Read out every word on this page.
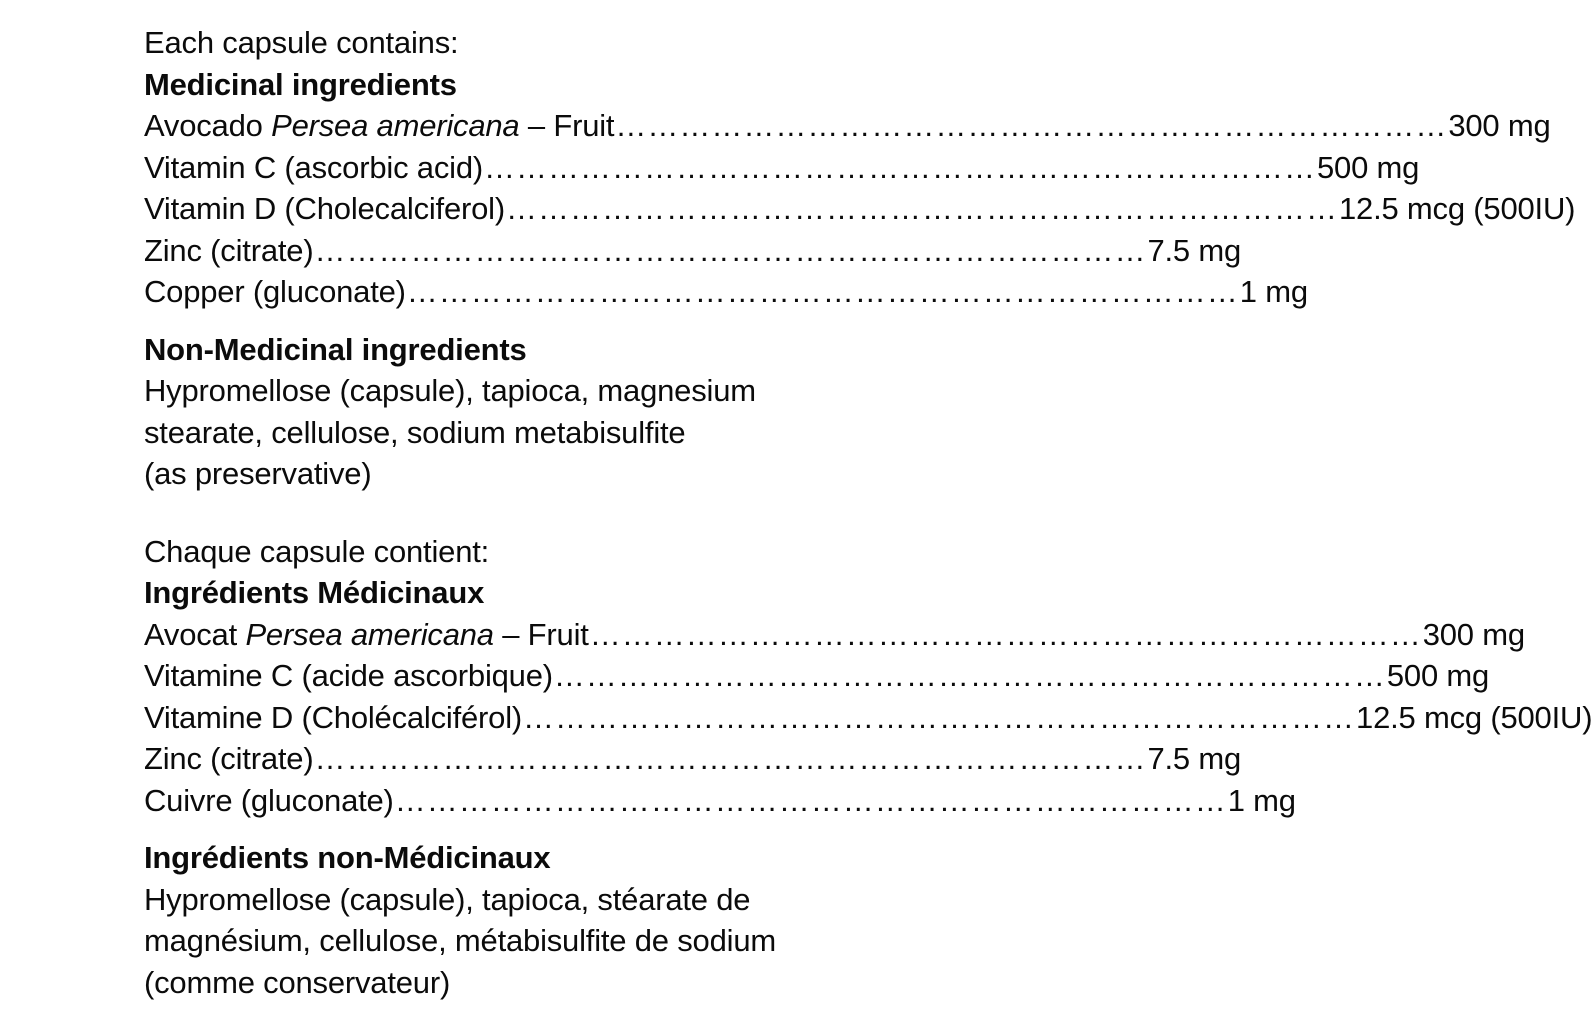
Each capsule contains:
Medicinal ingredients
Avocado Persea americana – Fruit …………………………………………………………………… 300 mg
Vitamin C (ascorbic acid) …………………………………………………………………… 500 mg
Vitamin D (Cholecalciferol) …………………………………………………………………… 12.5 mcg (500IU)
Zinc (citrate) …………………………………………………………………… 7.5 mg
Copper (gluconate) …………………………………………………………………… 1 mg
Non-Medicinal ingredients
Hypromellose (capsule), tapioca, magnesium
stearate, cellulose, sodium metabisulfite
(as preservative)
Chaque capsule contient:
Ingrédients Médicinaux
Avocat Persea americana – Fruit …………………………………………………………………… 300 mg
Vitamine C (acide ascorbique) …………………………………………………………………… 500 mg
Vitamine D (Cholécalciférol) …………………………………………………………………… 12.5 mcg (500IU)
Zinc (citrate) …………………………………………………………………… 7.5 mg
Cuivre (gluconate) …………………………………………………………………… 1 mg
Ingrédients non-Médicinaux
Hypromellose (capsule), tapioca, stéarate de
magnésium, cellulose, métabisulfite de sodium
(comme conservateur)
